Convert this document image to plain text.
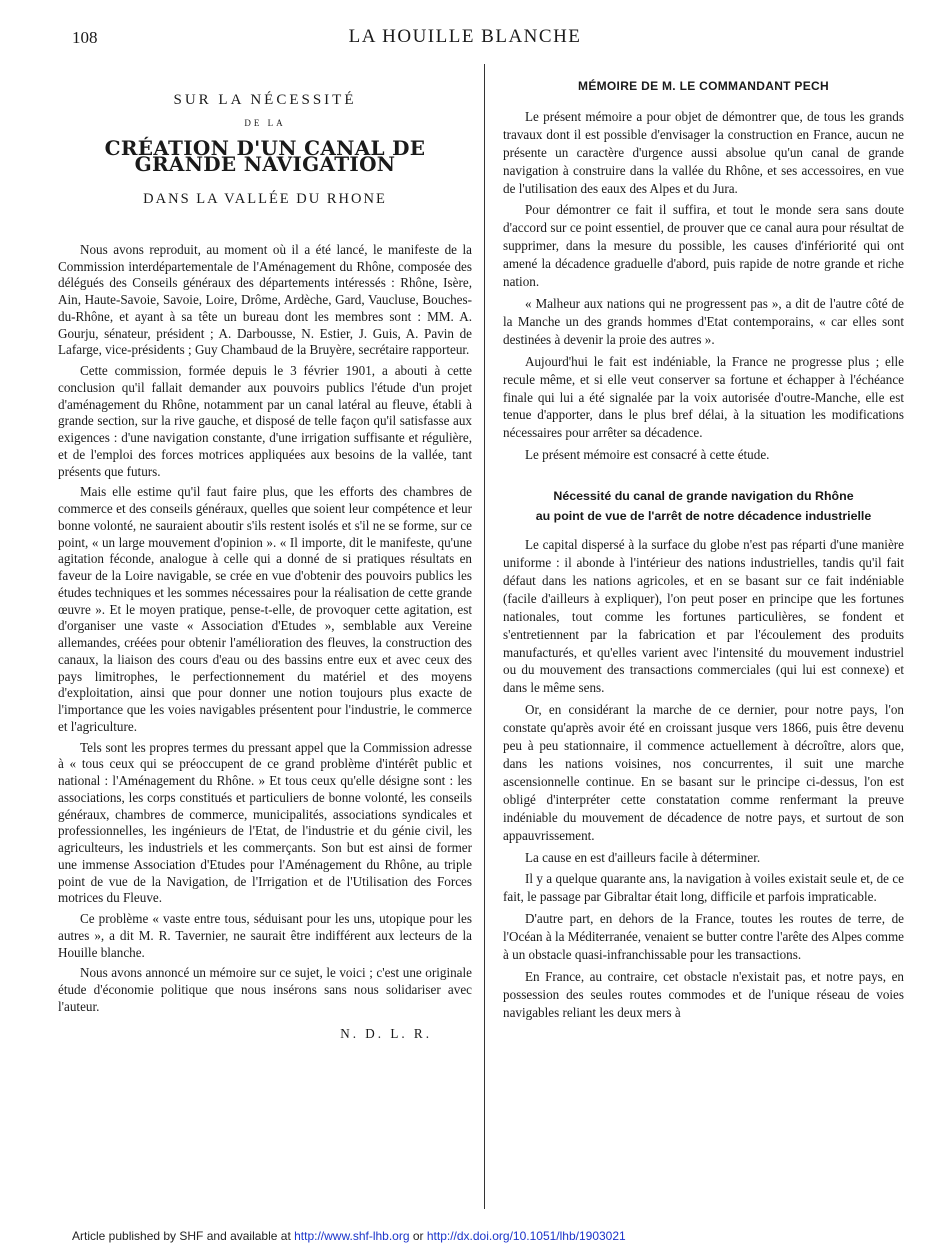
LA HOUILLE BLANCHE
108
SUR LA NÉCESSITÉ
DE LA
CRÉATION D'UN CANAL DE GRANDE NAVIGATION
DANS LA VALLÉE DU RHONE

Nous avons reproduit, au moment où il a été lancé, le manifeste de la Commission interdépartementale de l'Aménagement du Rhône, composée des délégués des Conseils généraux des départements intéressés : Rhône, Isère, Ain, Haute-Savoie, Savoie, Loire, Drôme, Ardèche, Gard, Vaucluse, Bouches-du-Rhône, et ayant à sa tête un bureau dont les membres sont : MM. A. Gourju, sénateur, président ; A. Darbousse, N. Estier, J. Guis, A. Pavin de Lafarge, vice-présidents ; Guy Chambaud de la Bruyère, secrétaire rapporteur.

Cette commission, formée depuis le 3 février 1901, a abouti à cette conclusion qu'il fallait demander aux pouvoirs publics l'étude d'un projet d'aménagement du Rhône, notamment par un canal latéral au fleuve, établi à grande section, sur la rive gauche, et disposé de telle façon qu'il satisfasse aux exigences : d'une navigation constante, d'une irrigation suffisante et régulière, et de l'emploi des forces motrices appliquées aux besoins de la vallée, tant présents que futurs.

Mais elle estime qu'il faut faire plus, que les efforts des chambres de commerce et des conseils généraux, quelles que soient leur compétence et leur bonne volonté, ne sauraient aboutir s'ils restent isolés et s'il ne se forme, sur ce point, « un large mouvement d'opinion ». « Il importe, dit le manifeste, qu'une agitation féconde, analogue à celle qui a donné de si pratiques résultats en faveur de la Loire navigable, se crée en vue d'obtenir des pouvoirs publics les études techniques et les sommes nécessaires pour la réalisation de cette grande œuvre ». Et le moyen pratique, pense-t-elle, de provoquer cette agitation, est d'organiser une vaste « Association d'Etudes », semblable aux Vereine allemandes, créées pour obtenir l'amélioration des fleuves, la construction des canaux, la liaison des cours d'eau ou des bassins entre eux et avec ceux des pays limitrophes, le perfectionnement du matériel et des moyens d'exploitation, ainsi que pour donner une notion toujours plus exacte de l'importance que les voies navigables présentent pour l'industrie, le commerce et l'agriculture.

Tels sont les propres termes du pressant appel que la Commission adresse à « tous ceux qui se préoccupent de ce grand problème d'intérêt public et national : l'Aménagement du Rhône. » Et tous ceux qu'elle désigne sont : les associations, les corps constitués et particuliers de bonne volonté, les conseils généraux, chambres de commerce, municipalités, associations syndicales et professionnelles, les ingénieurs de l'Etat, de l'industrie et du génie civil, les agriculteurs, les industriels et les commerçants. Son but est ainsi de former une immense Association d'Etudes pour l'Aménagement du Rhône, au triple point de vue de la Navigation, de l'Irrigation et de l'Utilisation des Forces motrices du Fleuve.

Ce problème « vaste entre tous, séduisant pour les uns, utopique pour les autres », a dit M. R. Tavernier, ne saurait être indifférent aux lecteurs de la Houille blanche.

Nous avons annoncé un mémoire sur ce sujet, le voici ; c'est une originale étude d'économie politique que nous insérons sans nous solidariser avec l'auteur.

N. D. L. R.
MÉMOIRE DE M. LE COMMANDANT PECH

Le présent mémoire a pour objet de démontrer que, de tous les grands travaux dont il est possible d'envisager la construction en France, aucun ne présente un caractère d'urgence aussi absolue qu'un canal de grande navigation à construire dans la vallée du Rhône, et ses accessoires, en vue de l'utilisation des eaux des Alpes et du Jura.

Pour démontrer ce fait il suffira, et tout le monde sera sans doute d'accord sur ce point essentiel, de prouver que ce canal aura pour résultat de supprimer, dans la mesure du possible, les causes d'infériorité qui ont amené la décadence graduelle d'abord, puis rapide de notre grande et riche nation.

« Malheur aux nations qui ne progressent pas », a dit de l'autre côté de la Manche un des grands hommes d'Etat contemporains, « car elles sont destinées à devenir la proie des autres ».

Aujourd'hui le fait est indéniable, la France ne progresse plus ; elle recule même, et si elle veut conserver sa fortune et échapper à l'échéance finale qui lui a été signalée par la voix autorisée d'outre-Manche, elle est tenue d'apporter, dans le plus bref délai, à la situation les modifications nécessaires pour arrêter sa décadence.

Le présent mémoire est consacré à cette étude.

Nécessité du canal de grande navigation du Rhône
au point de vue de l'arrêt de notre décadence industrielle

Le capital dispersé à la surface du globe n'est pas réparti d'une manière uniforme : il abonde à l'intérieur des nations industrielles, tandis qu'il fait défaut dans les nations agricoles, et en se basant sur ce fait indéniable (facile d'ailleurs à expliquer), l'on peut poser en principe que les fortunes nationales, tout comme les fortunes particulières, se fondent et s'entretiennent par la fabrication et par l'écoulement des produits manufacturés, et qu'elles varient avec l'intensité du mouvement industriel ou du mouvement des transactions commerciales (qui lui est connexe) et dans le même sens.

Or, en considérant la marche de ce dernier, pour notre pays, l'on constate qu'après avoir été en croissant jusque vers 1866, puis être devenu peu à peu stationnaire, il commence actuellement à décroître, alors que, dans les nations voisines, nos concurrentes, il suit une marche ascensionnelle continue. En se basant sur le principe ci-dessus, l'on est obligé d'interpréter cette constatation comme renfermant la preuve indéniable du mouvement de décadence de notre pays, et surtout de son appauvrissement.

La cause en est d'ailleurs facile à déterminer.

Il y a quelque quarante ans, la navigation à voiles existait seule et, de ce fait, le passage par Gibraltar était long, difficile et parfois impraticable.

D'autre part, en dehors de la France, toutes les routes de terre, de l'Océan à la Méditerranée, venaient se butter contre l'arête des Alpes comme à un obstacle quasi-infranchissable pour les transactions.

En France, au contraire, cet obstacle n'existait pas, et notre pays, en possession des seules routes commodes et de l'unique réseau de voies navigables reliant les deux mers à

Article published by SHF and available at http://www.shf-lhb.org or http://dx.doi.org/10.1051/lhb/1903021
